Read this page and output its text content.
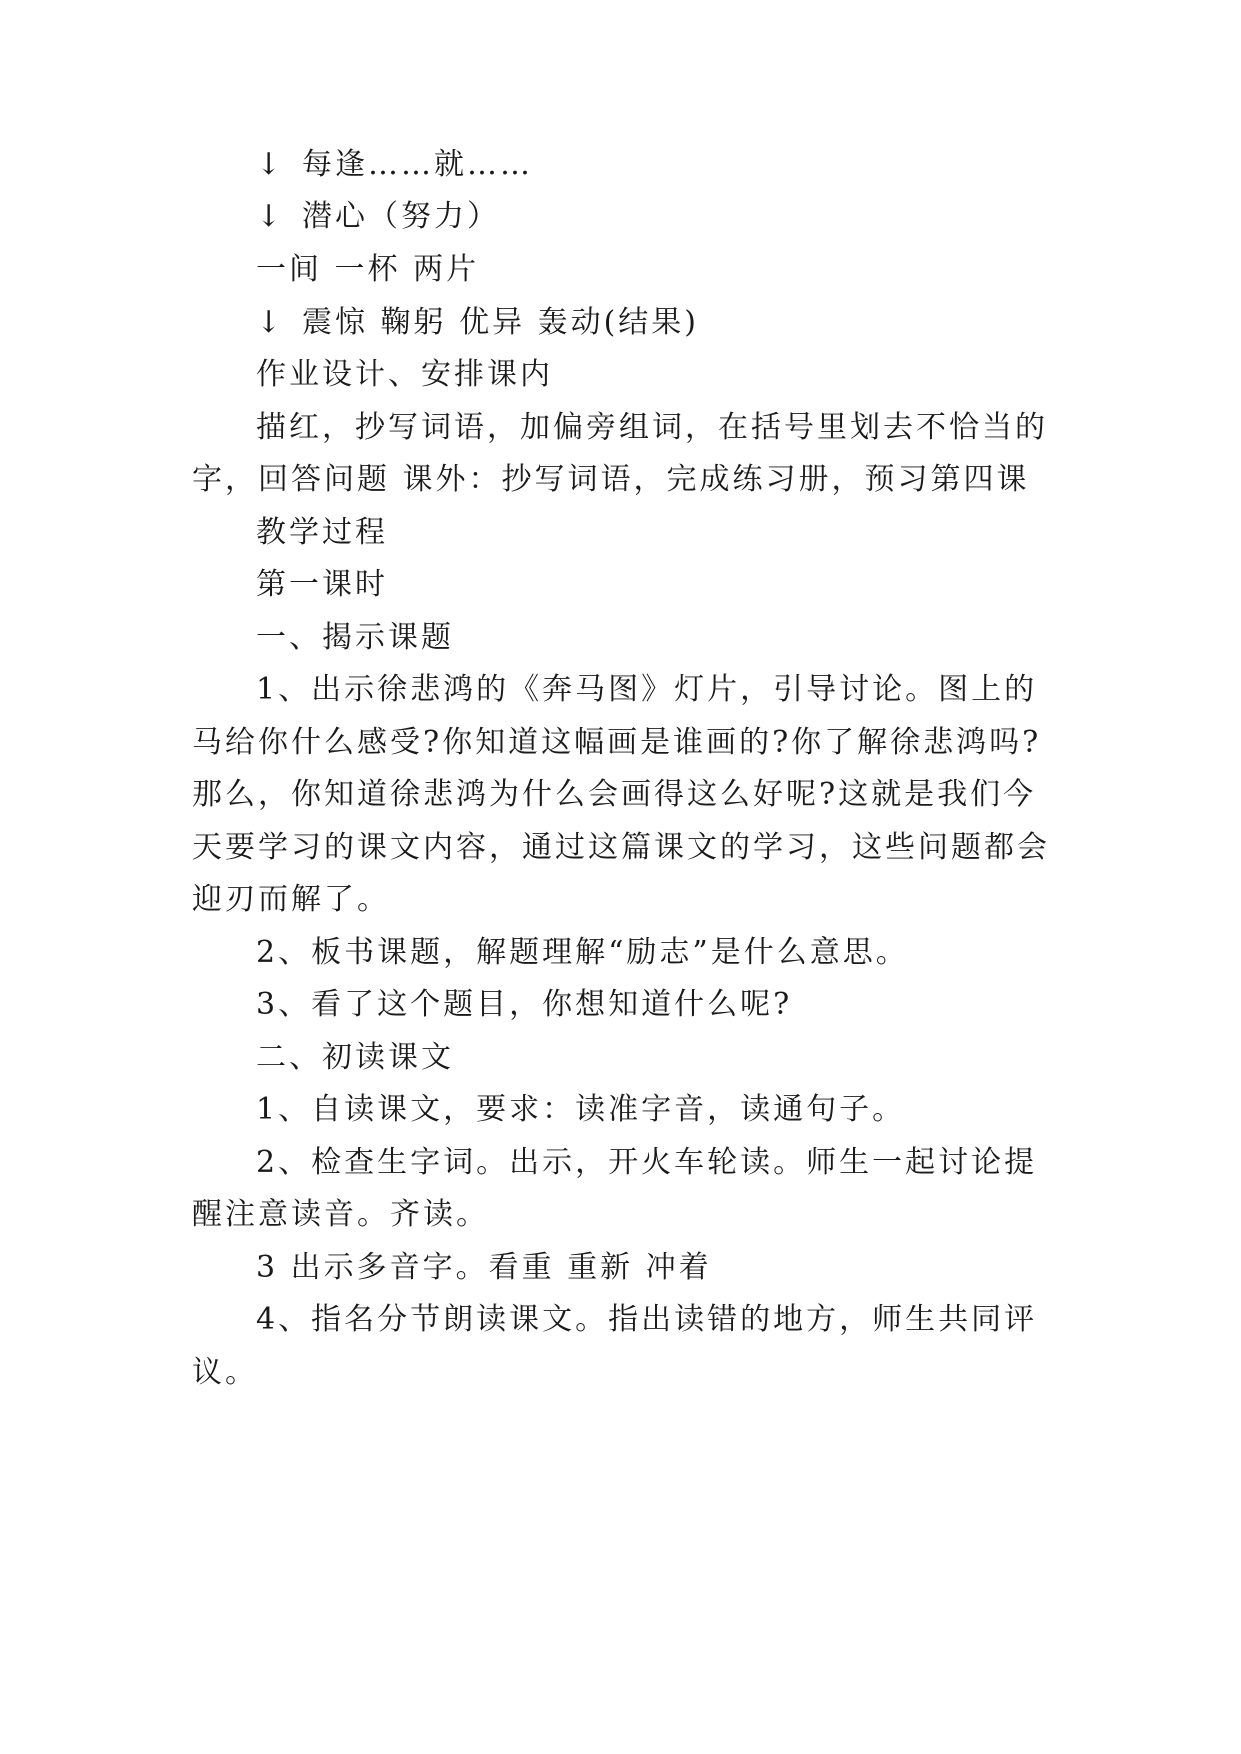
↓ 每逢……就……

↓ 潜心（努力）

一间 一杯 两片

↓ 震惊 鞠躬 优异 轰动(结果)

作业设计、安排课内

描红，抄写词语，加偏旁组词，在括号里划去不恰当的

字，回答问题 课外：抄写词语，完成练习册，预习第四课

教学过程

第一课时

一、揭示课题

1、出示徐悲鸿的《奔马图》灯片，引导讨论。图上的

马给你什么感受?你知道这幅画是谁画的?你了解徐悲鸿吗?

那么，你知道徐悲鸿为什么会画得这么好呢?这就是我们今

天要学习的课文内容，通过这篇课文的学习，这些问题都会

迎刃而解了。

2、板书课题，解题理解“励志”是什么意思。

3、看了这个题目，你想知道什么呢?

二、初读课文

1、自读课文，要求：读准字音，读通句子。

2、检查生字词。出示，开火车轮读。师生一起讨论提

醒注意读音。齐读。

3 出示多音字。看重 重新 冲着

4、指名分节朗读课文。指出读错的地方，师生共同评

议。
